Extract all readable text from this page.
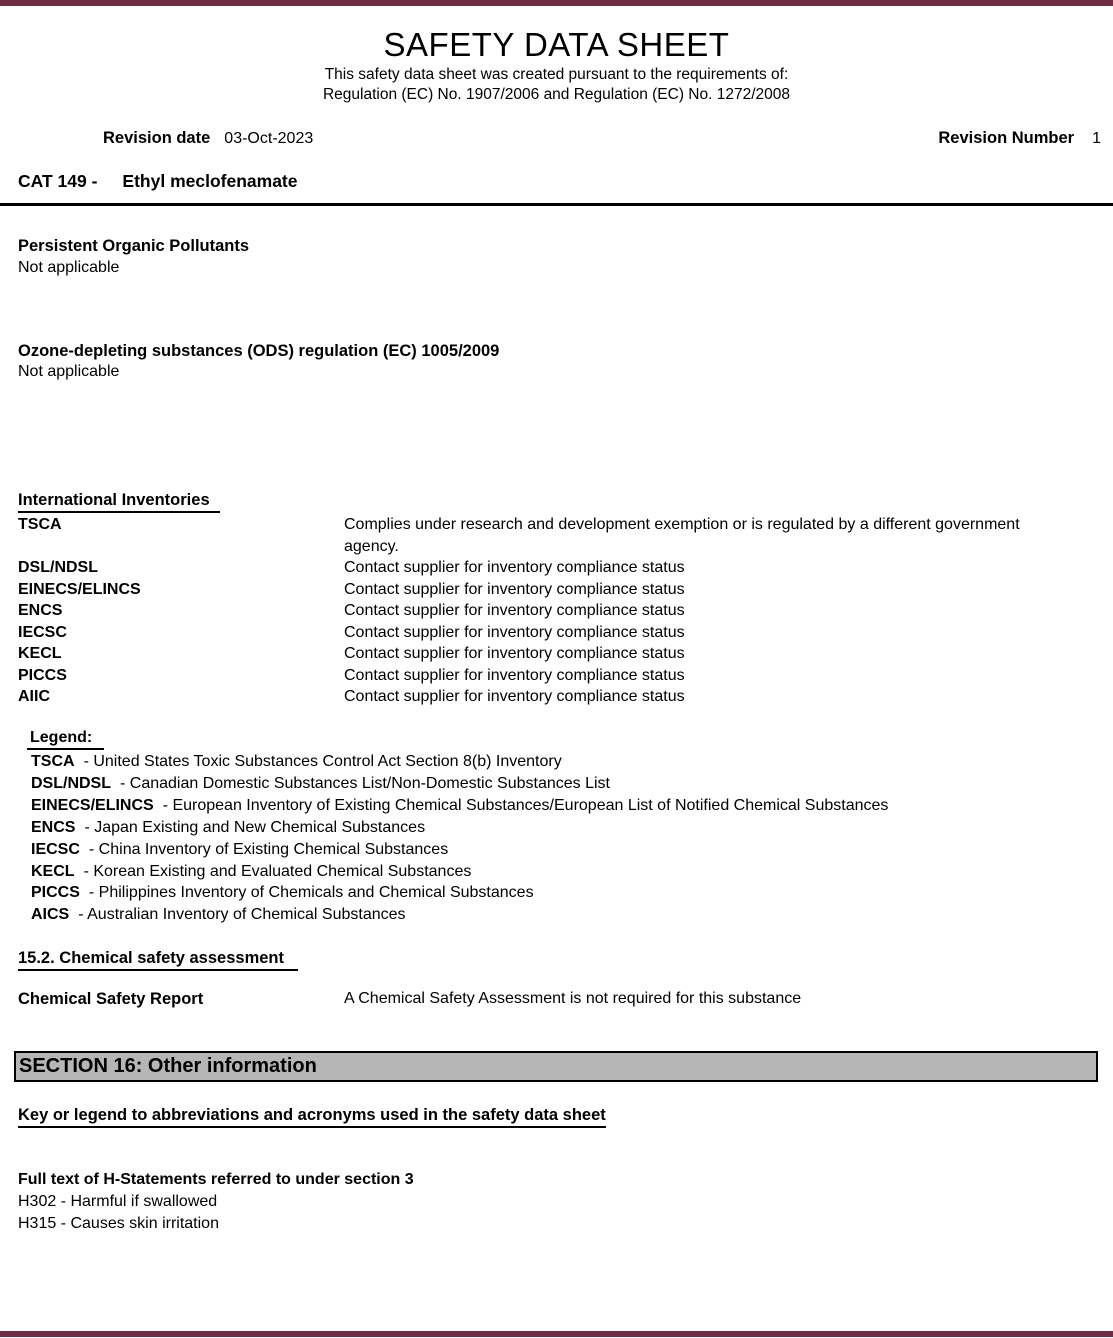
SAFETY DATA SHEET
This safety data sheet was created pursuant to the requirements of:
Regulation (EC) No. 1907/2006 and Regulation (EC) No. 1272/2008
Revision date 03-Oct-2023	Revision Number 1
CAT 149 - Ethyl meclofenamate
Persistent Organic Pollutants
Not applicable
Ozone-depleting substances (ODS) regulation (EC) 1005/2009
Not applicable
International Inventories
TSCA	Complies under research and development exemption or is regulated by a different government agency.
DSL/NDSL	Contact supplier for inventory compliance status
EINECS/ELINCS	Contact supplier for inventory compliance status
ENCS	Contact supplier for inventory compliance status
IECSC	Contact supplier for inventory compliance status
KECL	Contact supplier for inventory compliance status
PICCS	Contact supplier for inventory compliance status
AIIC	Contact supplier for inventory compliance status
Legend:
TSCA - United States Toxic Substances Control Act Section 8(b) Inventory
DSL/NDSL - Canadian Domestic Substances List/Non-Domestic Substances List
EINECS/ELINCS - European Inventory of Existing Chemical Substances/European List of Notified Chemical Substances
ENCS - Japan Existing and New Chemical Substances
IECSC - China Inventory of Existing Chemical Substances
KECL - Korean Existing and Evaluated Chemical Substances
PICCS - Philippines Inventory of Chemicals and Chemical Substances
AICS - Australian Inventory of Chemical Substances
15.2. Chemical safety assessment
Chemical Safety Report	A Chemical Safety Assessment is not required for this substance
SECTION 16: Other information
Key or legend to abbreviations and acronyms used in the safety data sheet
Full text of H-Statements referred to under section 3
H302 - Harmful if swallowed
H315 - Causes skin irritation
